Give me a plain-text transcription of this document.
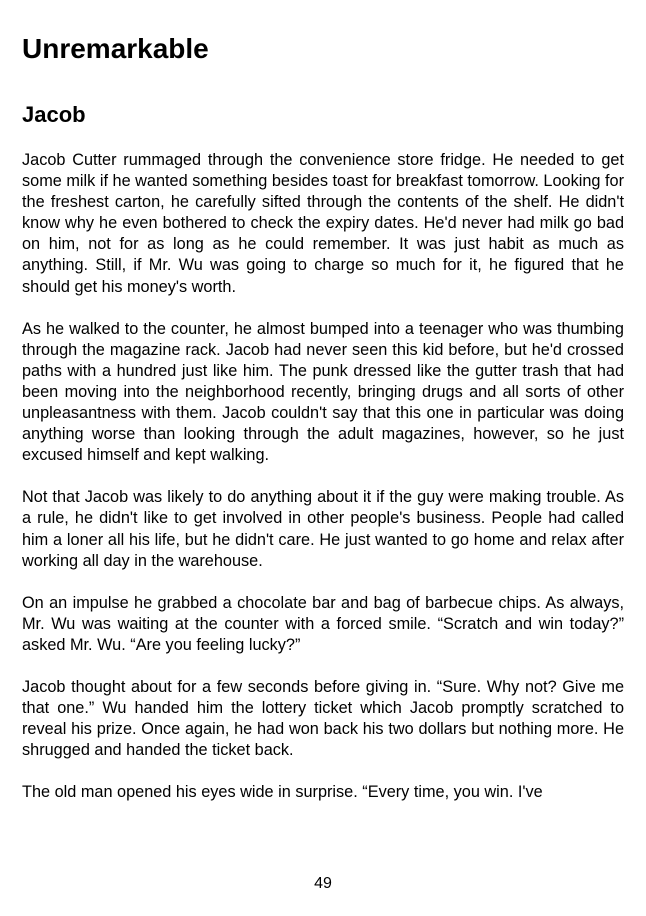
Unremarkable
Jacob

Jacob Cutter rummaged through the convenience store fridge. He needed to get some milk if he wanted something besides toast for breakfast tomorrow. Looking for the freshest carton, he carefully sifted through the contents of the shelf. He didn't know why he even bothered to check the expiry dates. He'd never had milk go bad on him, not for as long as he could remember. It was just habit as much as anything. Still, if Mr. Wu was going to charge so much for it, he figured that he should get his money's worth.

As he walked to the counter, he almost bumped into a teenager who was thumbing through the magazine rack. Jacob had never seen this kid before, but he'd crossed paths with a hundred just like him. The punk dressed like the gutter trash that had been moving into the neighborhood recently, bringing drugs and all sorts of other unpleasantness with them. Jacob couldn't say that this one in particular was doing anything worse than looking through the adult magazines, however, so he just excused himself and kept walking.

Not that Jacob was likely to do anything about it if the guy were making trouble. As a rule, he didn't like to get involved in other people's business. People had called him a loner all his life, but he didn't care. He just wanted to go home and relax after working all day in the warehouse.

On an impulse he grabbed a chocolate bar and bag of barbecue chips. As always, Mr. Wu was waiting at the counter with a forced smile. “Scratch and win today?” asked Mr. Wu. “Are you feeling lucky?”

Jacob thought about for a few seconds before giving in. “Sure. Why not? Give me that one.” Wu handed him the lottery ticket which Jacob promptly scratched to reveal his prize. Once again, he had won back his two dollars but nothing more. He shrugged and handed the ticket back.

The old man opened his eyes wide in surprise. “Every time, you win. I've

49
